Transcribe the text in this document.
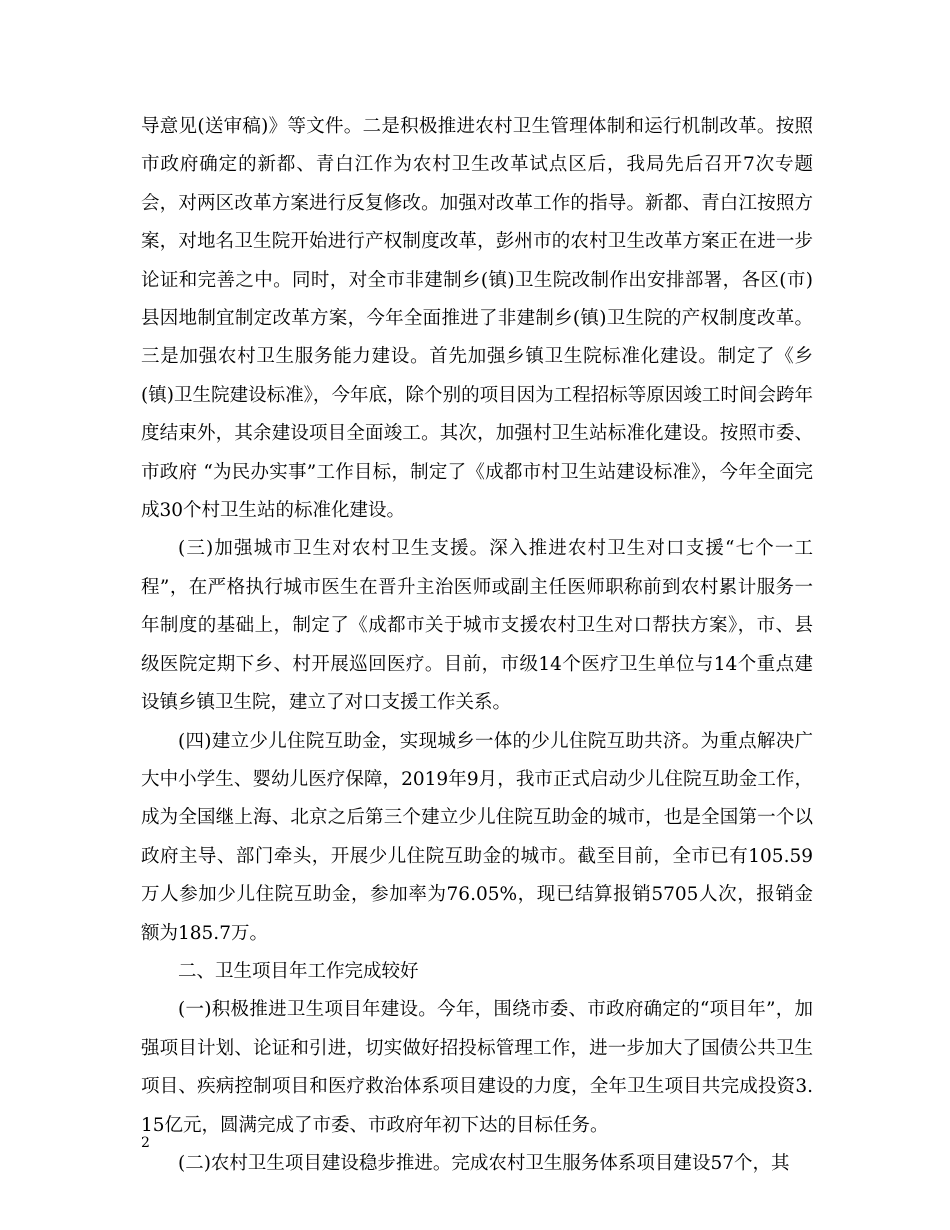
导意见(送审稿)》等文件。二是积极推进农村卫生管理体制和运行机制改革。按照市政府确定的新都、青白江作为农村卫生改革试点区后，我局先后召开7次专题会，对两区改革方案进行反复修改。加强对改革工作的指导。新都、青白江按照方案，对地名卫生院开始进行产权制度改革，彭州市的农村卫生改革方案正在进一步论证和完善之中。同时，对全市非建制乡(镇)卫生院改制作出安排部署，各区(市)县因地制宜制定改革方案，今年全面推进了非建制乡(镇)卫生院的产权制度改革。三是加强农村卫生服务能力建设。首先加强乡镇卫生院标准化建设。制定了《乡(镇)卫生院建设标准》，今年底，除个别的项目因为工程招标等原因竣工时间会跨年度结束外，其余建设项目全面竣工。其次，加强村卫生站标准化建设。按照市委、市政府 “为民办实事”工作目标，制定了《成都市村卫生站建设标准》，今年全面完成30个村卫生站的标准化建设。

(三)加强城市卫生对农村卫生支援。深入推进农村卫生对口支援“七个一工程”，在严格执行城市医生在晋升主治医师或副主任医师职称前到农村累计服务一年制度的基础上，制定了《成都市关于城市支援农村卫生对口帮扶方案》，市、县级医院定期下乡、村开展巡回医疗。目前，市级14个医疗卫生单位与14个重点建设镇乡镇卫生院，建立了对口支援工作关系。

(四)建立少儿住院互助金，实现城乡一体的少儿住院互助共济。为重点解决广大中小学生、婴幼儿医疗保障，2019年9月，我市正式启动少儿住院互助金工作，成为全国继上海、北京之后第三个建立少儿住院互助金的城市，也是全国第一个以政府主导、部门牵头，开展少儿住院互助金的城市。截至目前，全市已有105.59万人参加少儿住院互助金，参加率为76.05%，现已结算报销5705人次，报销金额为185.7万。

二、卫生项目年工作完成较好

(一)积极推进卫生项目年建设。今年，围绕市委、市政府确定的“项目年”，加强项目计划、论证和引进，切实做好招投标管理工作，进一步加大了国债公共卫生项目、疾病控制项目和医疗救治体系项目建设的力度，全年卫生项目共完成投资3.15亿元，圆满完成了市委、市政府年初下达的目标任务。

(二)农村卫生项目建设稳步推进。完成农村卫生服务体系项目建设57个，其

2
